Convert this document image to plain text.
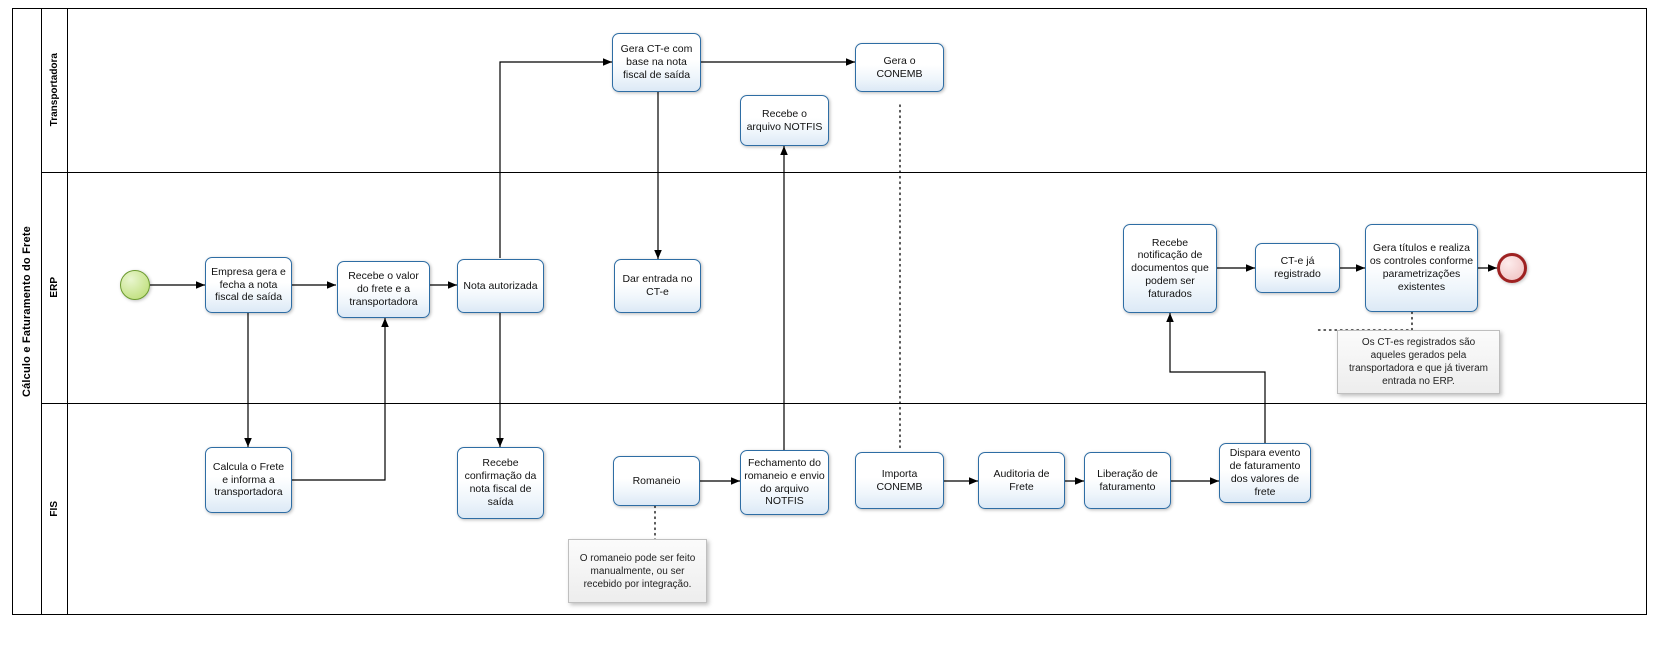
Cálculo e Faturamento do Frete
Transportadora
ERP
FIS
Gera CT-e com base na nota fiscal de saída
Gera o CONEMB
Recebe o arquivo NOTFIS
Empresa gera e fecha a nota fiscal de saída
Recebe o valor do frete e a transportadora
Nota autorizada
Dar entrada no CT-e
Recebe notificação de documentos que podem ser faturados
CT-e já registrado
Gera títulos e realiza os controles conforme parametrizações existentes
Calcula o Frete e informa a transportadora
Recebe confirmação da nota fiscal de saída
Romaneio
Fechamento do romaneio e envio do arquivo NOTFIS
Importa CONEMB
Auditoria de Frete
Liberação de faturamento
Dispara evento de faturamento dos valores de frete
Os CT-es registrados são aqueles gerados pela transportadora e que já tiveram entrada no ERP.
O romaneio pode ser feito manualmente, ou ser recebido por integração.
